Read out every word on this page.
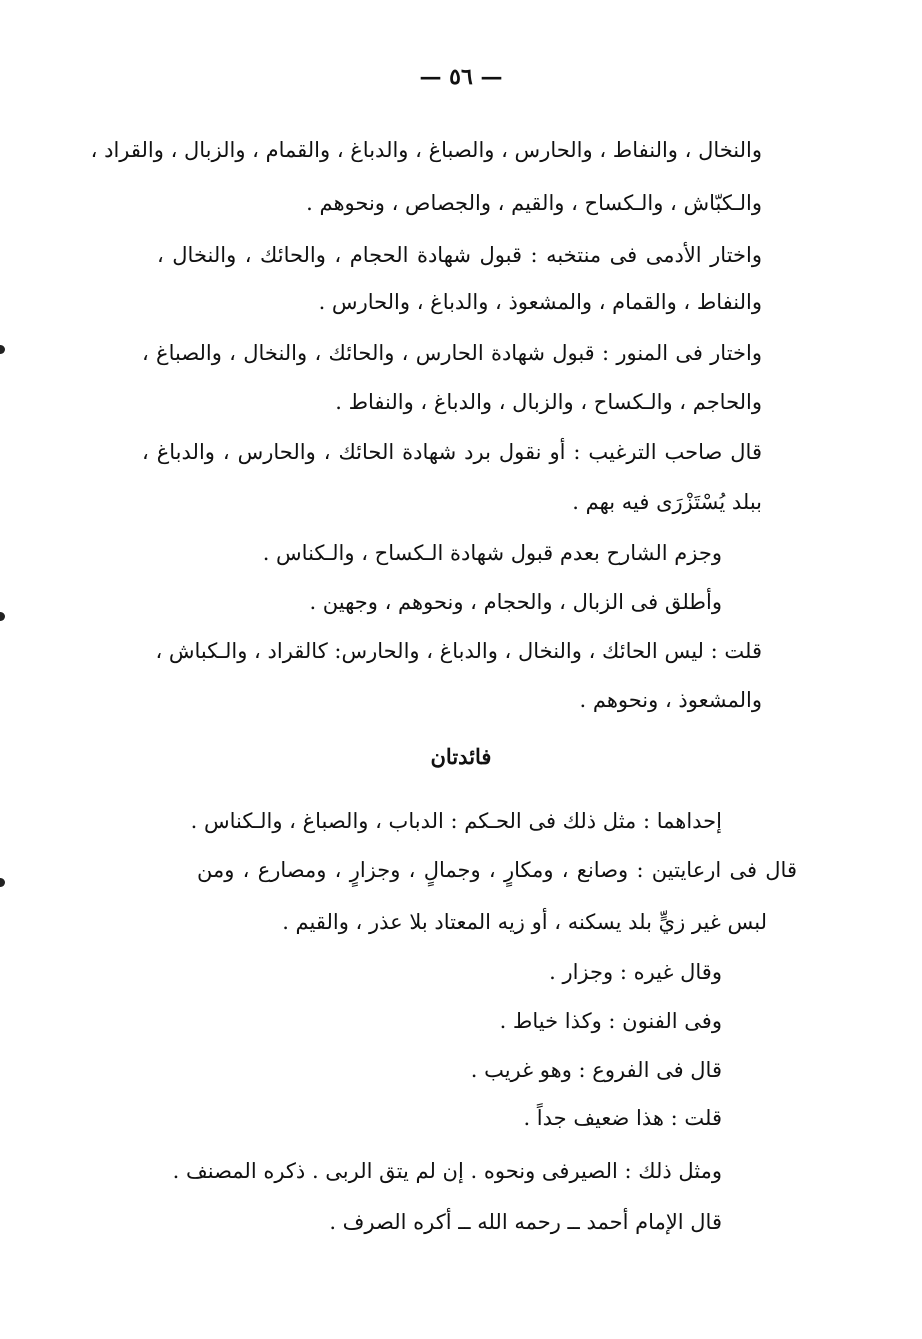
— ٥٦ —
والنخال ، والنفاط ، والحارس ، والصباغ ، والدباغ ، والقمام ، والزبال ، والقراد ،
والـكبّاش ، والـكساح ، والقيم ، والجصاص ، ونحوهم .
واختار الأدمى فى منتخبه : قبول شهادة الحجام ، والحائك ، والنخال ،
والنفاط ، والقمام ، والمشعوذ ، والدباغ ، والحارس .
واختار فى المنور : قبول شهادة الحارس ، والحائك ، والنخال ، والصباغ ،
والحاجم ، والـكساح ، والزبال ، والدباغ ، والنفاط .
قال صاحب الترغيب : أو نقول برد شهادة الحائك ، والحارس ، والدباغ ،
ببلد يُسْتَزْرَى فيه بهم .
وجزم الشارح بعدم قبول شهادة الـكساح ، والـكناس .
وأطلق فى الزبال ، والحجام ، ونحوهم ، وجهين .
قلت : ليس الحائك ، والنخال ، والدباغ ، والحارس: كالقراد ، والـكباش ،
والمشعوذ ، ونحوهم .
فائدتان
إحداهما : مثل ذلك فى الحـكم : الدباب ، والصباغ ، والـكناس .
قال فى ارعايتين : وصانع ، ومكارٍ ، وجمالٍ ، وجزارٍ ، ومصارع ، ومن
لبس غير زيٍّ بلد يسكنه ، أو زيه المعتاد بلا عذر ، والقيم .
وقال غيره : وجزار .
وفى الفنون : وكذا خياط .
قال فى الفروع : وهو غريب .
قلت : هذا ضعيف جداً .
ومثل ذلك : الصيرفى ونحوه . إن لم يتق الربى . ذكره المصنف .
قال الإمام أحمد ــ رحمه الله ــ أكره الصرف .
